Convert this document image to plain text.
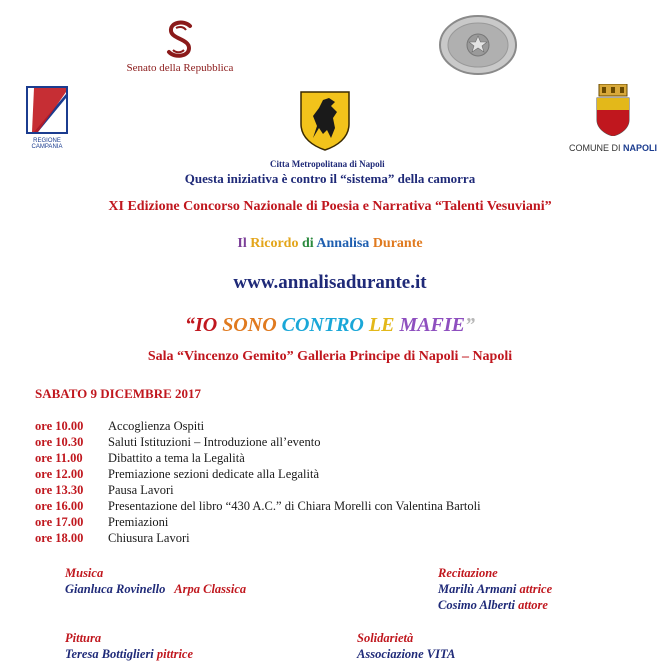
Senato della Repubblica
REGIONE CAMPANIA
Citta Metropolitana di Napoli
COMUNE DI NAPOLI
Questa iniziativa è contro il “sistema” della camorra
XI Edizione Concorso Nazionale di Poesia e Narrativa “Talenti Vesuviani”
Il Ricordo di Annalisa Durante
www.annalisadurante.it
“IO SONO CONTRO LE MAFIE”
Sala “Vincenzo Gemito” Galleria Principe di Napoli – Napoli
SABATO 9 DICEMBRE 2017
ore 10.00	Accoglienza Ospiti
ore 10.30	Saluti Istituzioni – Introduzione all’evento
ore 11.00	Dibattito a tema la Legalità
ore 12.00	Premiazione sezioni dedicate alla Legalità
ore 13.30	Pausa Lavori
ore 16.00	Presentazione del libro “430 A.C.” di Chiara Morelli con Valentina Bartoli
ore 17.00	Premiazioni
ore 18.00	Chiusura Lavori
Musica
Gianluca Rovinello Arpa Classica
Recitazione
Marilù Armani attrice
Cosimo Alberti attore
Pittura
Teresa Bottiglieri pittrice
Solidarietà
Associazione VITA
